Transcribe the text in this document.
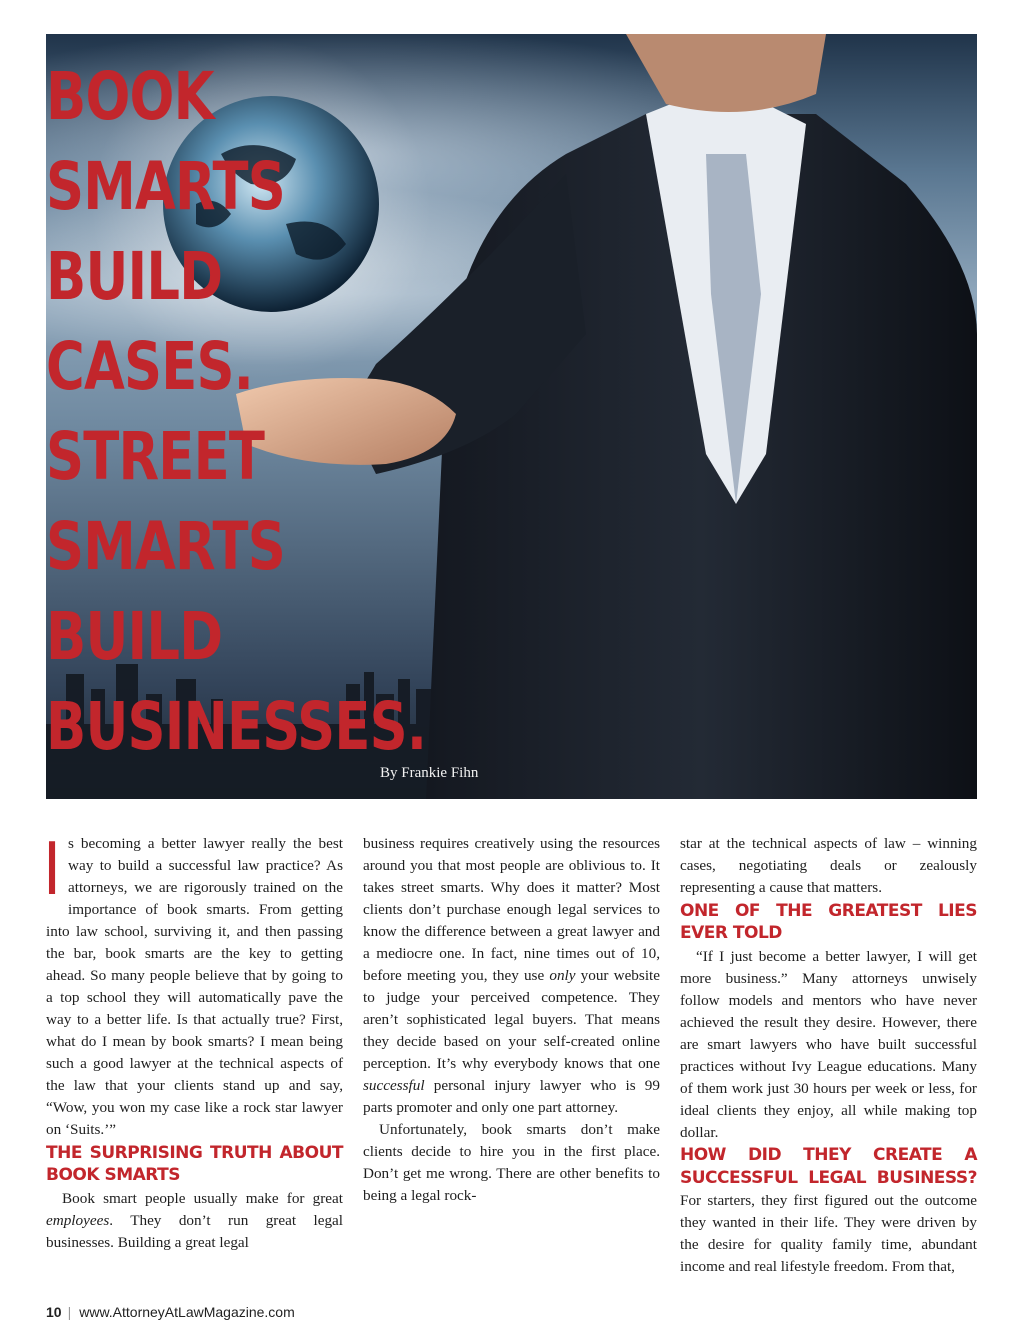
BOOK
SMARTS
BUILD
CASES.
STREET
SMARTS
BUILD
BUSINESSES.
By Frankie Fihn
I s becoming a better lawyer really the best way to build a successful law practice? As attorneys, we are rigorously trained on the importance of book smarts. From getting into law school, surviving it, and then passing the bar, book smarts are the key to getting ahead. So many people believe that by going to a top school they will automatically pave the way to a better life. Is that actually true? First, what do I mean by book smarts? I mean being such a good lawyer at the technical aspects of the law that your clients stand up and say, “Wow, you won my case like a rock star lawyer on ‘Suits.’”

THE SURPRISING TRUTH ABOUT BOOK SMARTS

Book smart people usually make for great employees. They don’t run great legal businesses. Building a great legal

business requires creatively using the resources around you that most people are oblivious to. It takes street smarts. Why does it matter? Most clients don’t purchase enough legal services to know the difference between a great lawyer and a mediocre one. In fact, nine times out of 10, before meeting you, they use only your website to judge your perceived competence. They aren’t sophisticated legal buyers. That means they decide based on your self-created online perception. It’s why everybody knows that one successful personal injury lawyer who is 99 parts promoter and only one part attorney.

Unfortunately, book smarts don’t make clients decide to hire you in the first place. Don’t get me wrong. There are other benefits to being a legal rock-

star at the technical aspects of law – winning cases, negotiating deals or zealously representing a cause that matters.

ONE OF THE GREATEST LIES EVER TOLD

“If I just become a better lawyer, I will get more business.” Many attorneys unwisely follow models and mentors who have never achieved the result they desire. However, there are smart lawyers who have built successful practices without Ivy League educations. Many of them work just 30 hours per week or less, for ideal clients they enjoy, all while making top dollar.

HOW DID THEY CREATE A SUCCESSFUL LEGAL BUSINESS? For starters, they first figured out the outcome they wanted in their life. They were driven by the desire for quality family time, abundant income and real lifestyle freedom. From that,

10 | www.AttorneyAtLawMagazine.com
